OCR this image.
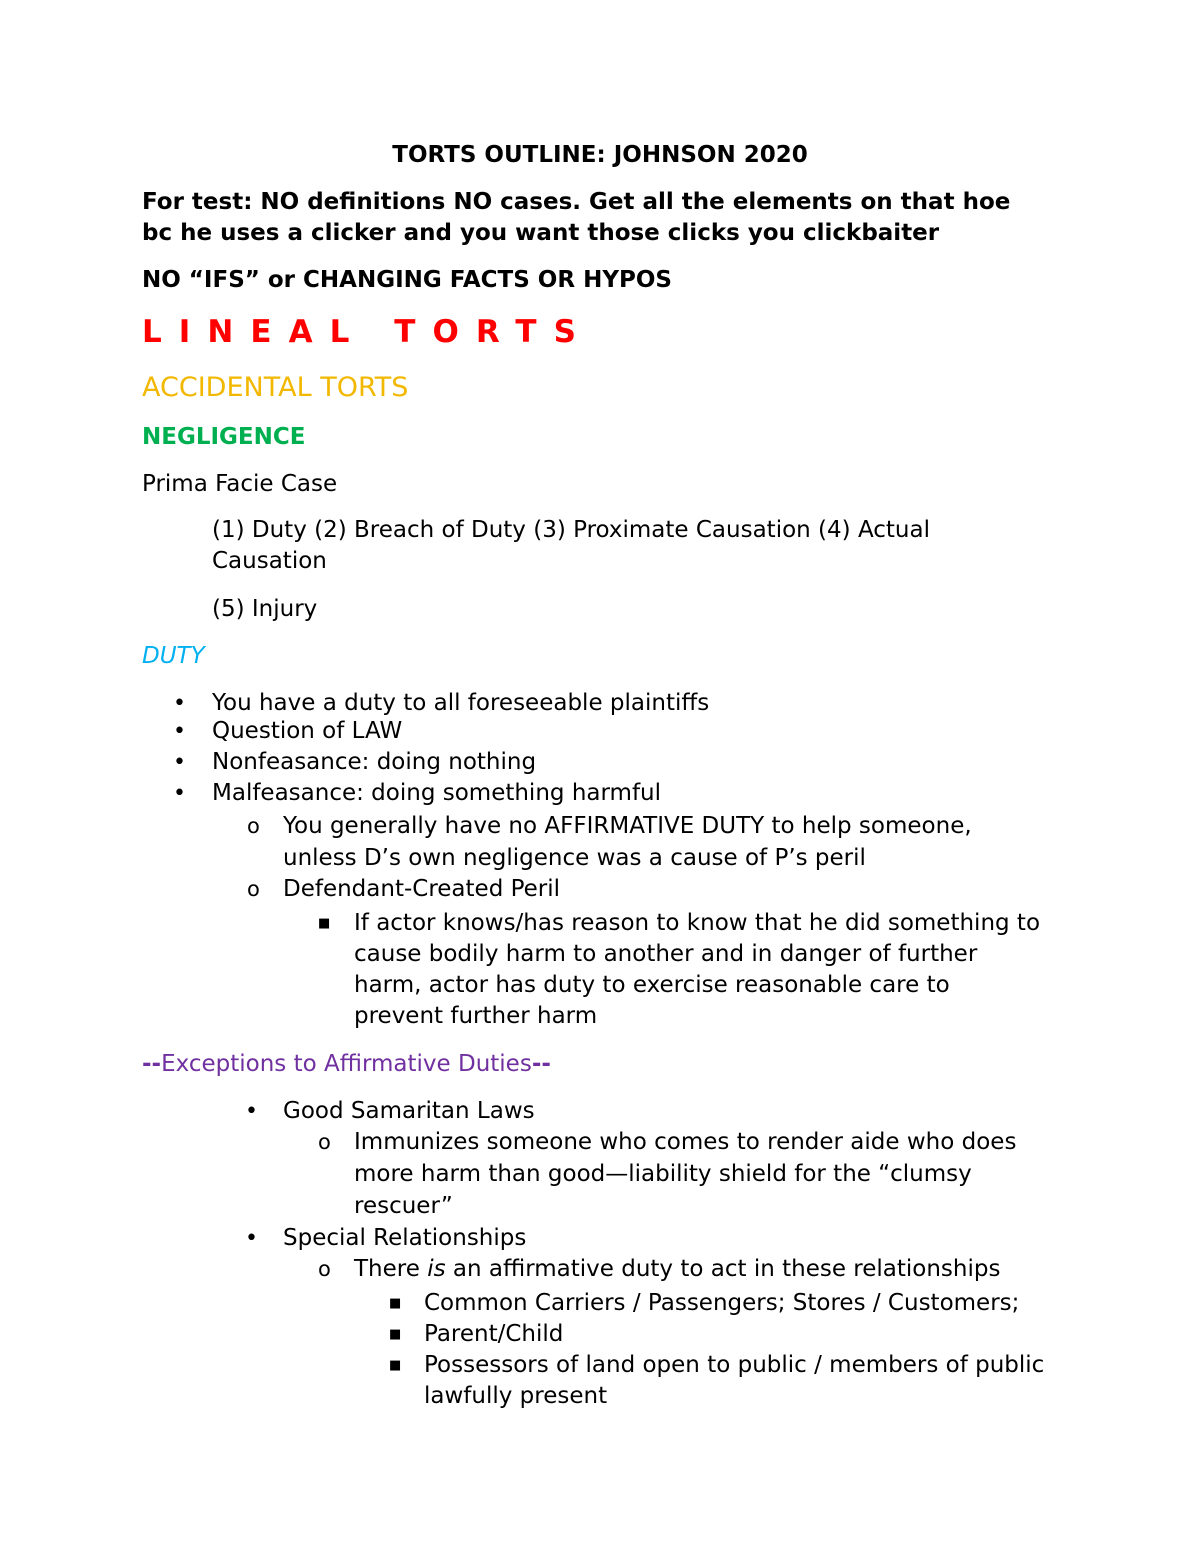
TORTS OUTLINE: JOHNSON 2020
For test: NO definitions NO cases. Get all the elements on that hoe
bc he uses a clicker and you want those clicks you clickbaiter
NO “IFS” or CHANGING FACTS OR HYPOS
LINEAL TORTS
ACCIDENTAL TORTS
NEGLIGENCE
Prima Facie Case
(1) Duty (2) Breach of Duty (3) Proximate Causation (4) Actual
Causation
(5) Injury
DUTY
• You have a duty to all foreseeable plaintiffs
• Question of LAW
• Nonfeasance: doing nothing
• Malfeasance: doing something harmful
o You generally have no AFFIRMATIVE DUTY to help someone,
unless D’s own negligence was a cause of P’s peril
o Defendant-Created Peril
■ If actor knows/has reason to know that he did something to
cause bodily harm to another and in danger of further
harm, actor has duty to exercise reasonable care to
prevent further harm
--Exceptions to Affirmative Duties--
• Good Samaritan Laws
o Immunizes someone who comes to render aide who does
more harm than good—liability shield for the “clumsy
rescuer”
• Special Relationships
o There is an affirmative duty to act in these relationships
■ Common Carriers / Passengers; Stores / Customers;
■ Parent/Child
■ Possessors of land open to public / members of public
lawfully present
